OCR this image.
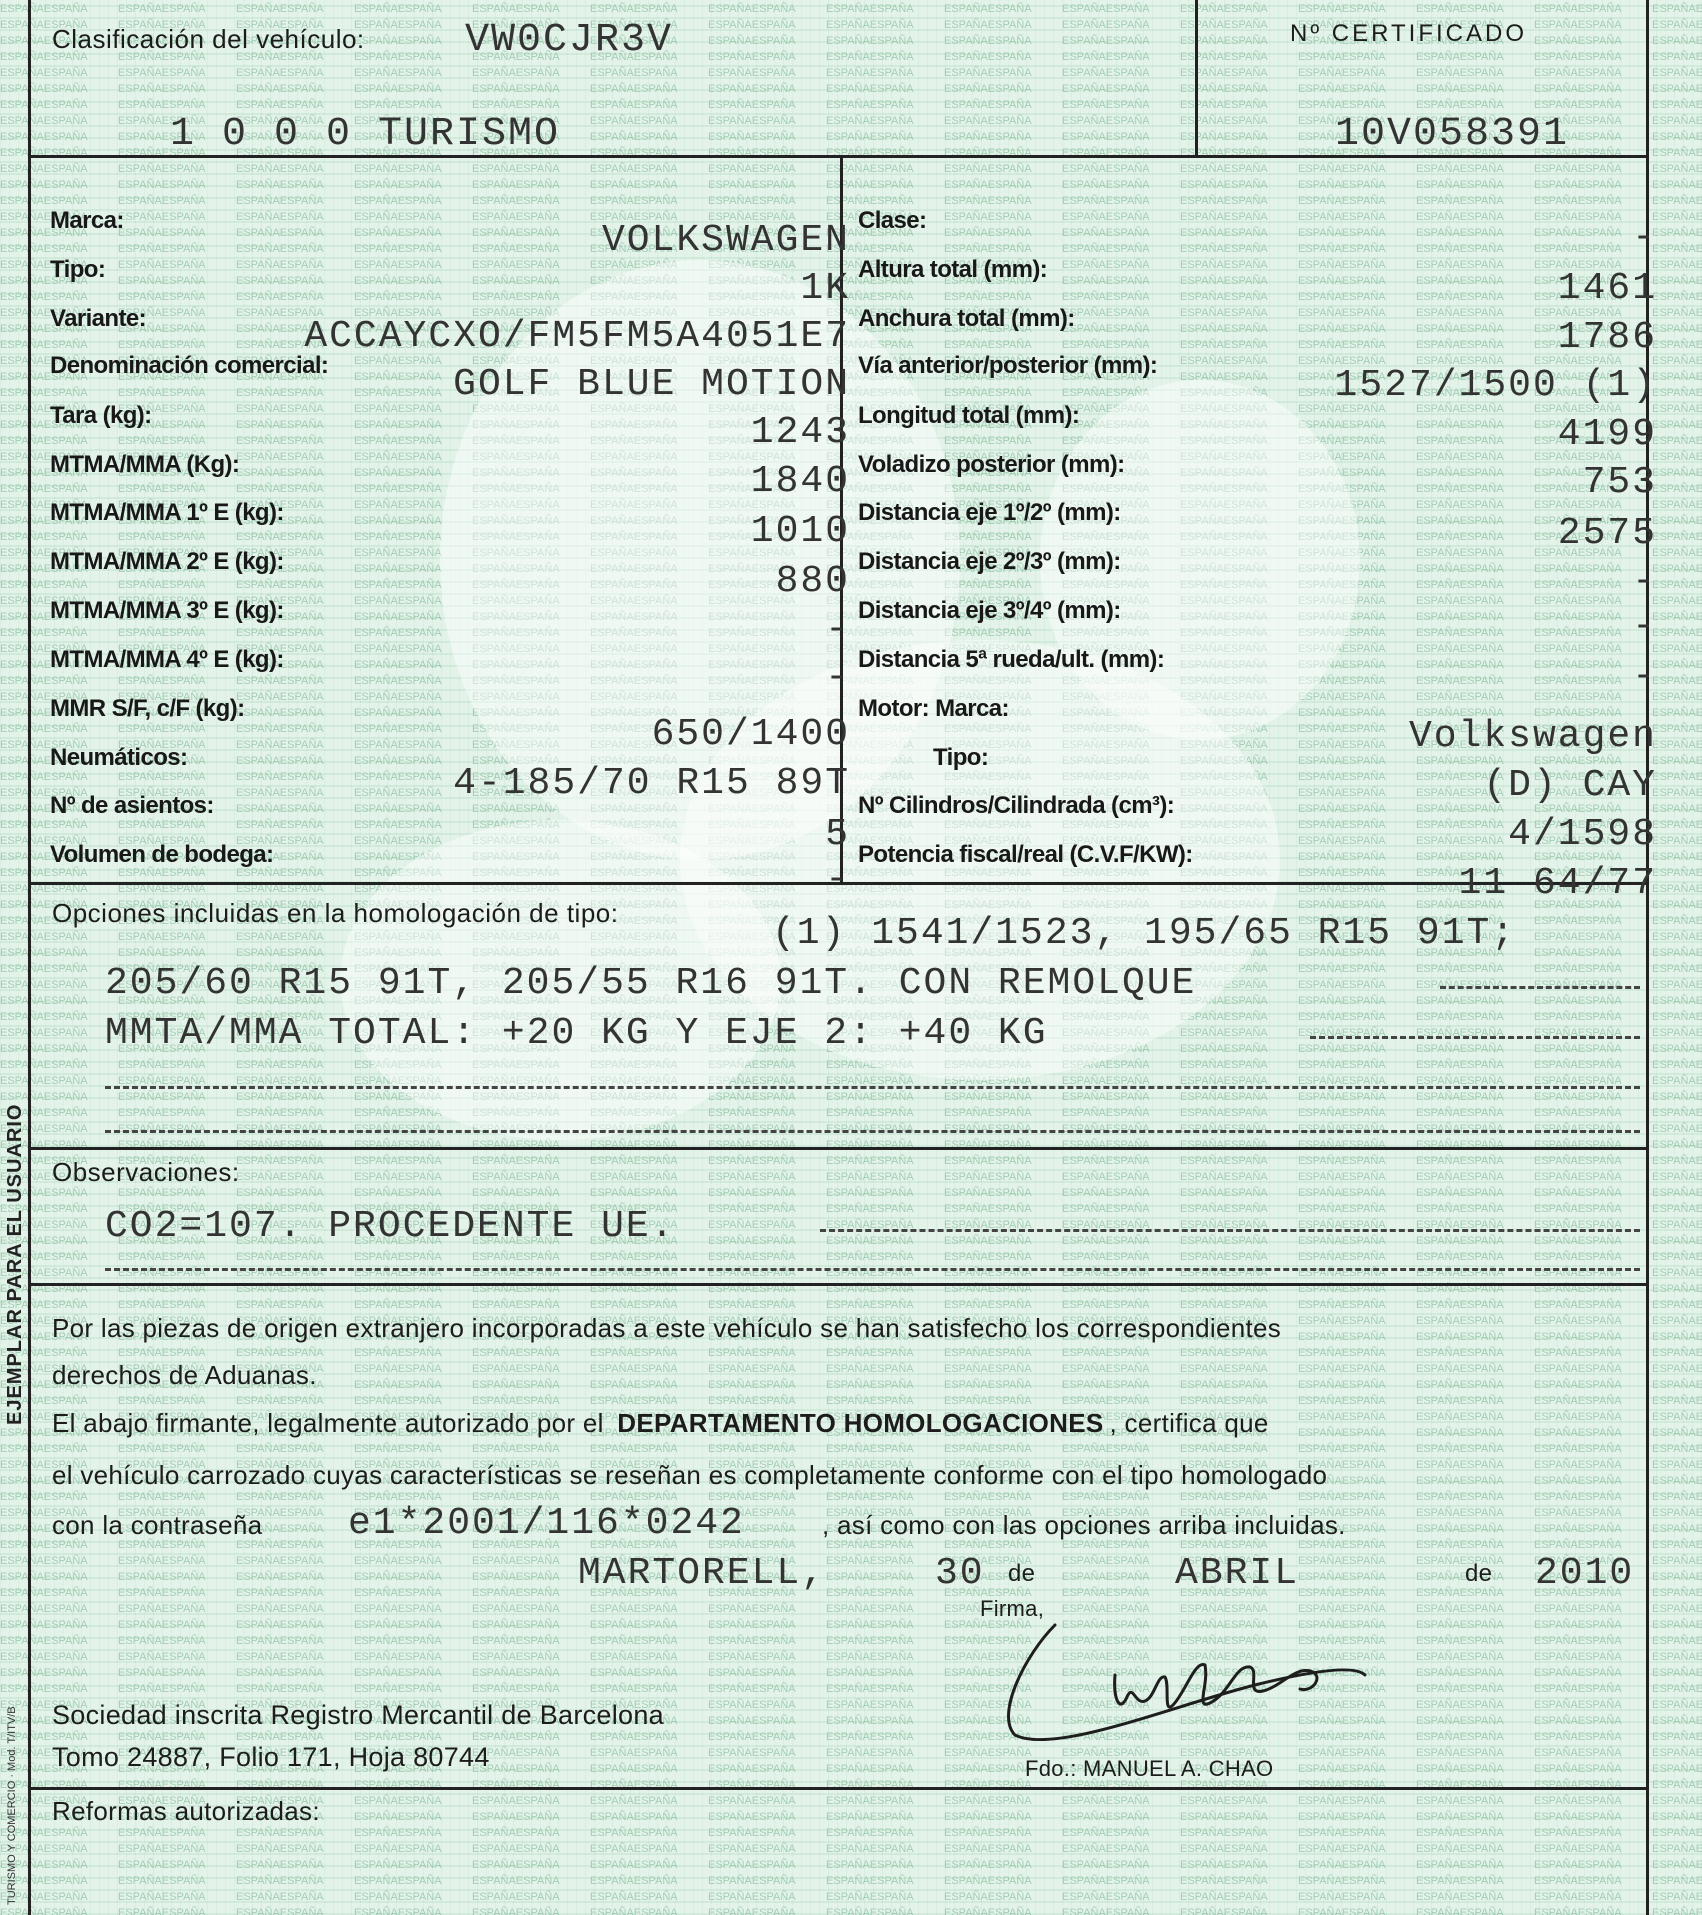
Clasificación del vehículo:	VW0CJR3V	Nº CERTIFICADO
1 0 0 0 TURISMO	10V058391
Marca:	VOLKSWAGEN
Tipo:	1K
Variante:	ACCAYCXO/FM5FM5A4051E7
Denominación comercial:	GOLF BLUE MOTION
Tara (kg):	1243
MTMA/MMA (Kg):	1840
MTMA/MMA 1º E (kg):	1010
MTMA/MMA 2º E (kg):	880
MTMA/MMA 3º E (kg):	-
MTMA/MMA 4º E (kg):	-
MMR S/F, c/F (kg):
650/1400
Neumáticos:
4-185/70 R15 89T
Nº de asientos:
5
Volumen de bodega:
-
Clase:	-
Altura total (mm):	1461
Anchura total (mm):	1786
Vía anterior/posterior (mm):	1527/1500 (1)
Longitud total (mm):	4199
Voladizo posterior (mm):	753
Distancia eje 1º/2º (mm):	2575
Distancia eje 2º/3º (mm):	-
Distancia eje 3º/4º (mm):	-
Distancia 5ª rueda/ult. (mm):	-
Motor: Marca:
Volkswagen
Tipo:
(D) CAY
Nº Cilindros/Cilindrada (cm³):
4/1598
Potencia fiscal/real (C.V.F/KW):
11 64/77
Opciones incluidas en la homologación de tipo:	(1) 1541/1523, 195/65 R15 91T;
205/60 R15 91T, 205/55 R16 91T. CON REMOLQUE
MMTA/MMA TOTAL: +20 KG Y EJE 2: +40 KG
Observaciones:
CO2=107. PROCEDENTE UE.
Por las piezas de origen extranjero incorporadas a este vehículo se han satisfecho los correspondientes
derechos de Aduanas.
El abajo firmante, legalmente autorizado por el DEPARTAMENTO HOMOLOGACIONES , certifica que
el vehículo carrozado cuyas características se reseñan es completamente conforme con el tipo homologado
con la contraseña e1*2001/116*0242	, así como con las opciones arriba incluidas.
MARTORELL,	30 de	ABRIL	de 2010
Firma,
Sociedad inscrita Registro Mercantil de Barcelona
Tomo 24887, Folio 171, Hoja 80744	Fdo.: MANUEL A. CHAO
Reformas autorizadas:
EJEMPLAR PARA EL USUARIO
TURISMO Y COMERCIO · Mod. T/ITV/B
